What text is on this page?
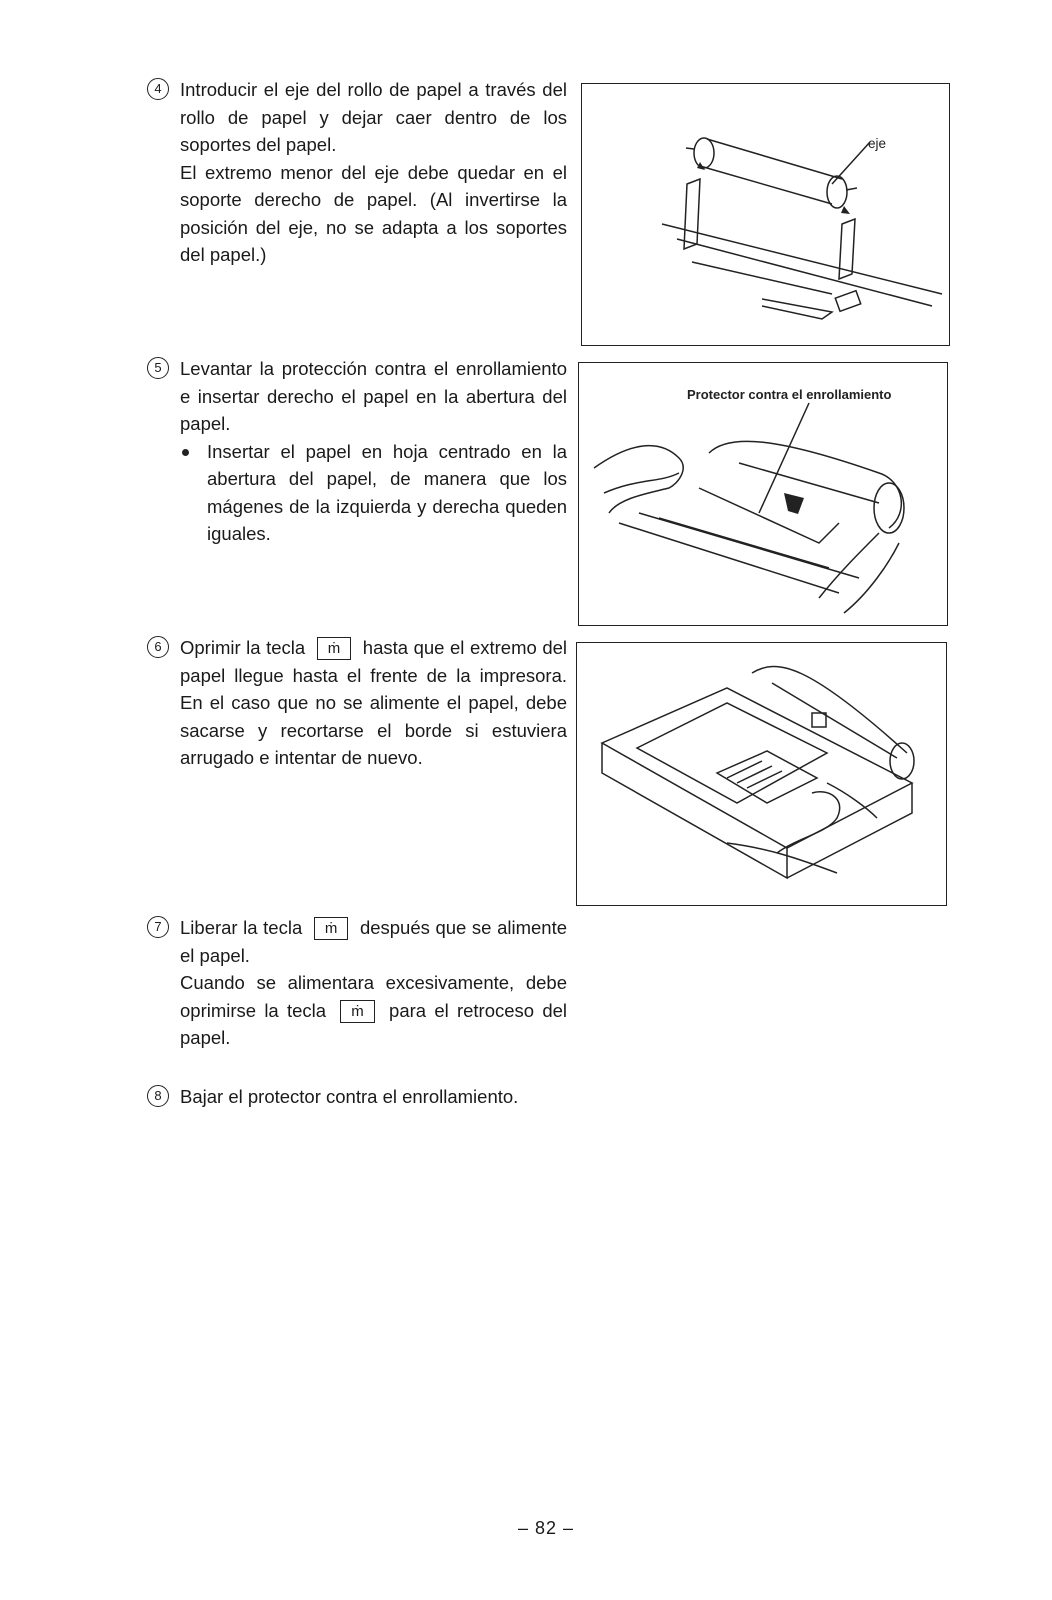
4 Introducir el eje del rollo de papel a través del rollo de papel y dejar caer dentro de los soportes del papel.

El extremo menor del eje debe quedar en el soporte derecho de papel. (Al invertirse la posición del eje, no se adapta a los soportes del papel.)

eje
5 Levantar la protección contra el enrollamiento e insertar derecho el papel en la abertura del papel.

Insertar el papel en hoja centrado en la abertura del papel, de manera que los mágenes de la izquierda y derecha queden iguales.

Protector contra el enrollamiento
6 Oprimir la tecla ṁ hasta que el extremo del papel llegue hasta el frente de la impresora. En el caso que no se alimente el papel, debe sacarse y recortarse el borde si estuviera arrugado e intentar de nuevo.
7 Liberar la tecla ṁ después que se alimente el papel.

Cuando se alimentara excesivamente, debe oprimirse la tecla ṁ para el retroceso del papel.

8 Bajar el protector contra el enrollamiento.

– 82 –
